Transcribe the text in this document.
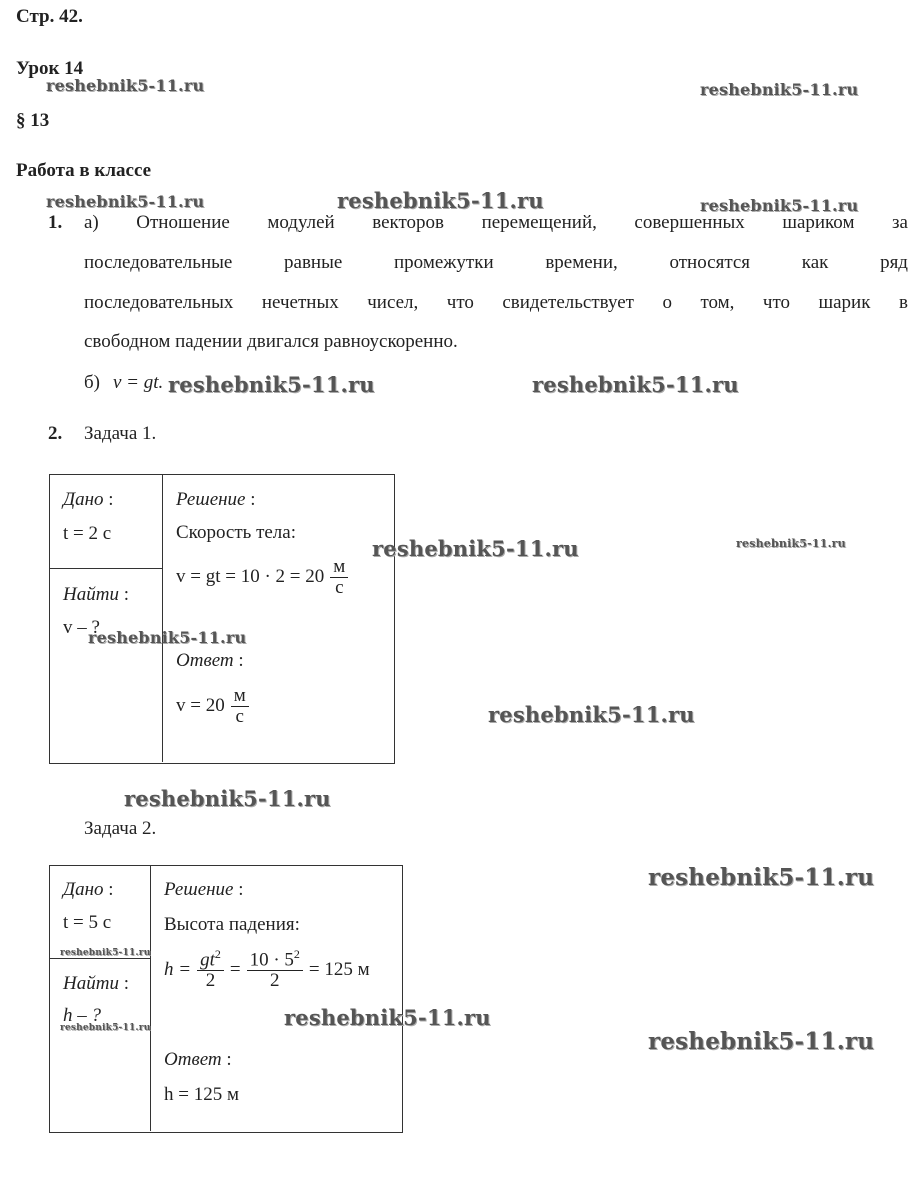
Стр. 42.
Урок 14
§ 13
Работа в классе
1. а) Отношение модулей векторов перемещений, совершенных шариком за
последовательные	равные	промежутки	времени,	относятся	как	ряд
последовательных нечетных чисел, что свидетельствует о том, что шарик в
свободном падении двигался равноускоренно.
б) v = gt.
2. Задача 1.
Дано :
t = 2 с
Найти :
v – ?
Решение :
Скорость тела:
v = gt = $10 \cdot 2 = 20 \frac{м}{с}$
Ответ :
$v = 20 \frac{м}{с}$
Задача 2.
Дано :
t = 5 с
Найти :
h – ?
Решение :
Высота падения:
$h = \frac{gt^2}{2} = \frac{10 \cdot 5^2}{2} = 125$ м
Ответ :
h = 125 м
reshebnik5-11.ru	reshebnik5-11.ru
reshebnik5-11.ru	reshebnik5-11.ru	reshebnik5-11.ru
reshebnik5-11.ru	reshebnik5-11.ru
reshebnik5-11.ru	reshebnik5-11.ru
reshebnik5-11.ru
reshebnik5-11.ru
reshebnik5-11.ru
reshebnik5-11.ru
reshebnik5-11.ru
reshebnik5-11.ru
reshebnik5-11.ru	reshebnik5-11.ru
